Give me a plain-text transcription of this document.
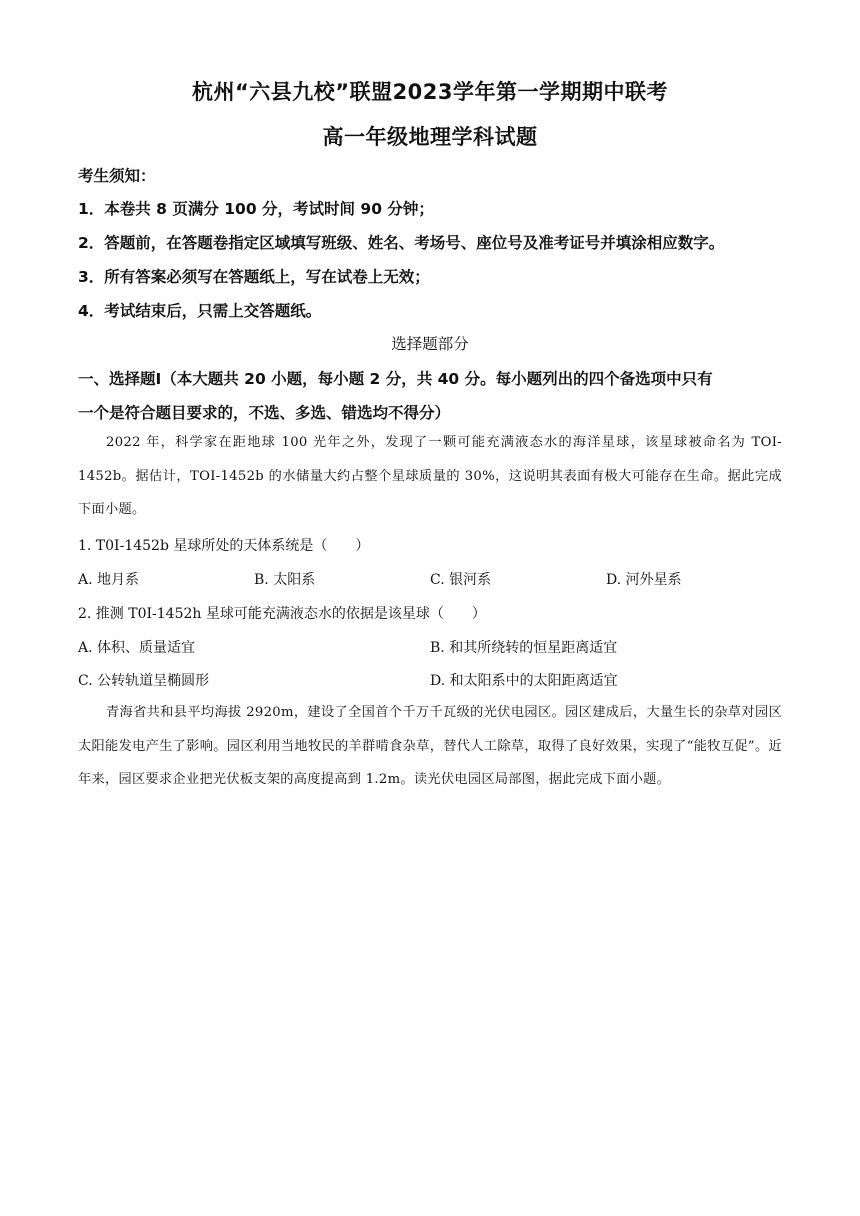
杭州“六县九校”联盟2023学年第一学期期中联考
高一年级地理学科试题
考生须知：
1．本卷共 8 页满分 100 分，考试时间 90 分钟；
2．答题前，在答题卷指定区域填写班级、姓名、考场号、座位号及准考证号并填涂相应数字。
3．所有答案必须写在答题纸上，写在试卷上无效；
4．考试结束后，只需上交答题纸。
选择题部分
一、选择题Ⅰ（本大题共 20 小题，每小题 2 分，共 40 分。每小题列出的四个备选项中只有
一个是符合题目要求的，不选、多选、错选均不得分）
2022 年，科学家在距地球 100 光年之外，发现了一颗可能充满液态水的海洋星球，该星球被命名为 TOI-1452b。据估计，TOI-1452b 的水储量大约占整个星球质量的 30%，这说明其表面有极大可能存在生命。据此完成下面小题。
1. T0I-1452b 星球所处的天体系统是（　　）
A. 地月系	B. 太阳系	C. 银河系	D. 河外星系
2. 推测 T0I-1452h 星球可能充满液态水的依据是该星球（　　）
A. 体积、质量适宜	B. 和其所绕转的恒星距离适宜
C. 公转轨道呈椭圆形	D. 和太阳系中的太阳距离适宜
青海省共和县平均海拔 2920m，建设了全国首个千万千瓦级的光伏电园区。园区建成后，大量生长的杂草对园区太阳能发电产生了影响。园区利用当地牧民的羊群啃食杂草，替代人工除草，取得了良好效果，实现了“能牧互促”。近年来，园区要求企业把光伏板支架的高度提高到 1.2m。读光伏电园区局部图，据此完成下面小题。
